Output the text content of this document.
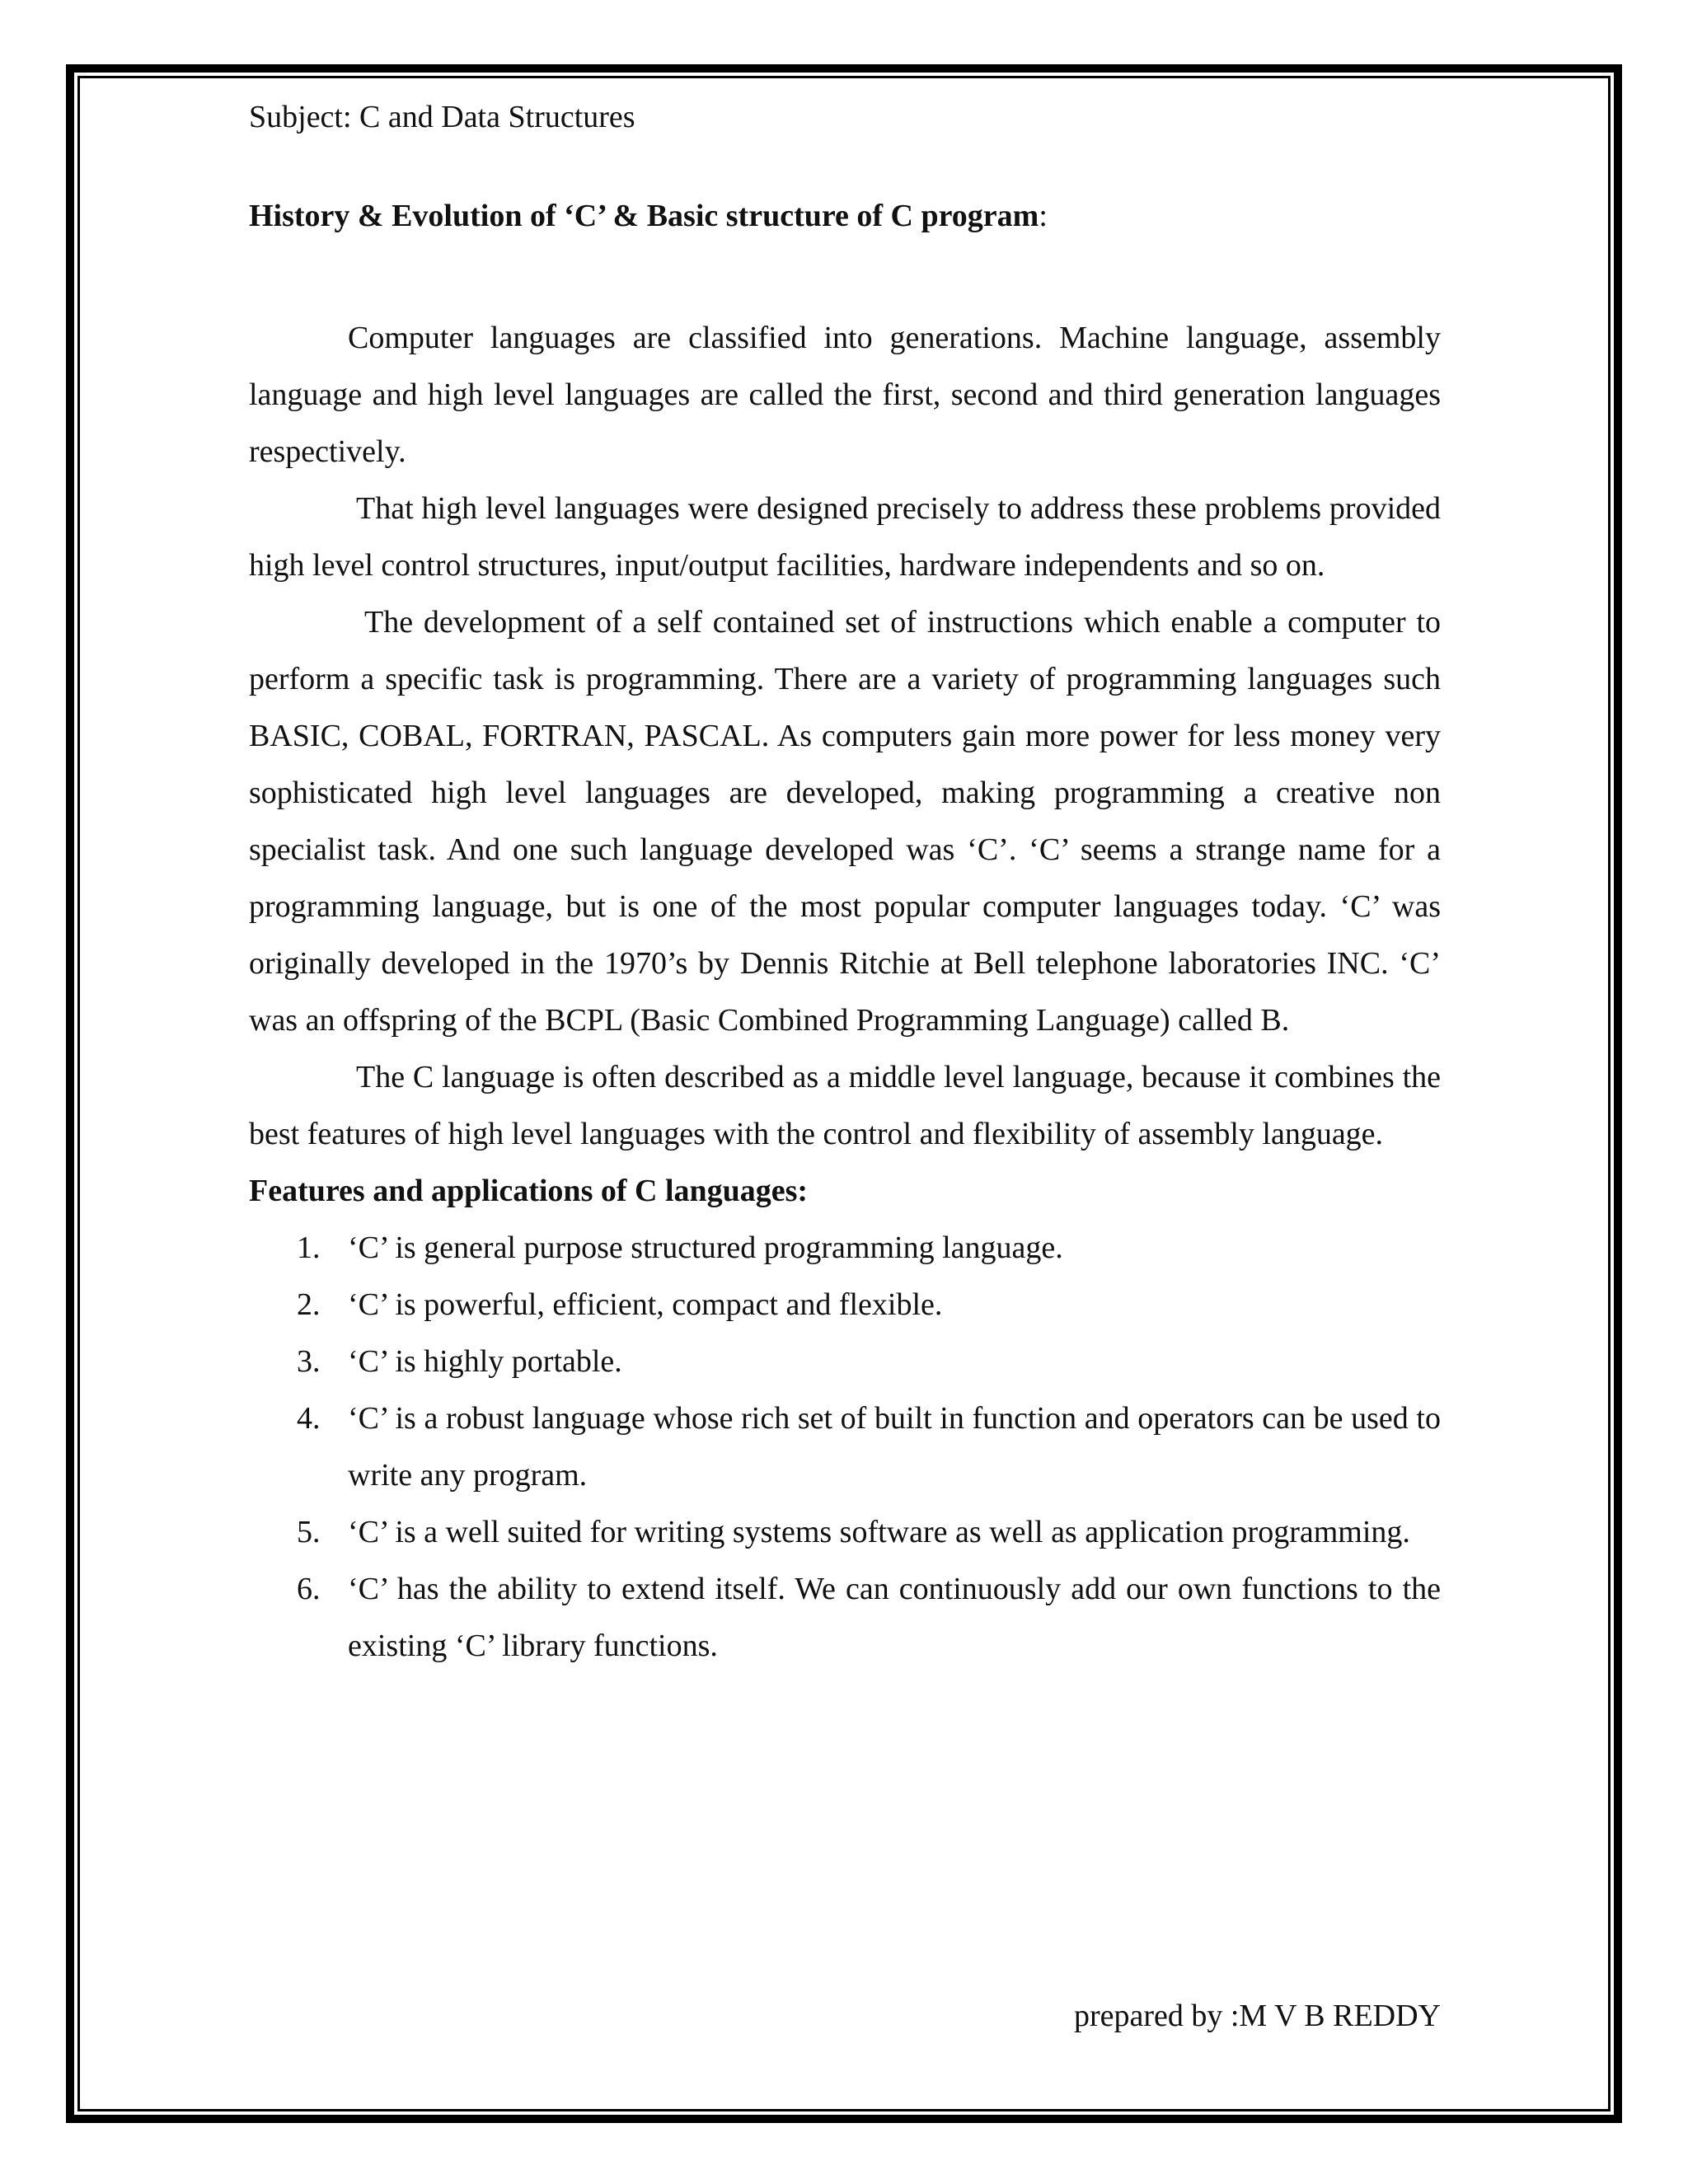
Subject: C and Data Structures

History & Evolution of ‘C’ & Basic structure of C program:

Computer languages are classified into generations. Machine language, assembly language and high level languages are called the first, second and third generation languages respectively.

That high level languages were designed precisely to address these problems provided high level control structures, input/output facilities, hardware independents and so on.

The development of a self contained set of instructions which enable a computer to perform a specific task is programming. There are a variety of programming languages such BASIC, COBAL, FORTRAN, PASCAL. As computers gain more power for less money very sophisticated high level languages are developed, making programming a creative non specialist task. And one such language developed was ‘C’. ‘C’ seems a strange name for a programming language, but is one of the most popular computer languages today. ‘C’ was originally developed in the 1970’s by Dennis Ritchie at Bell telephone laboratories INC. ‘C’ was an offspring of the BCPL (Basic Combined Programming Language) called B.

The C language is often described as a middle level language, because it combines the best features of high level languages with the control and flexibility of assembly language.

Features and applications of C languages:

1. ‘C’ is general purpose structured programming language.
2. ‘C’ is powerful, efficient, compact and flexible.
3. ‘C’ is highly portable.
4. ‘C’ is a robust language whose rich set of built in function and operators can be used to write any program.
5. ‘C’ is a well suited for writing systems software as well as application programming.
6. ‘C’ has the ability to extend itself. We can continuously add our own functions to the existing ‘C’ library functions.

prepared by :M V B REDDY
